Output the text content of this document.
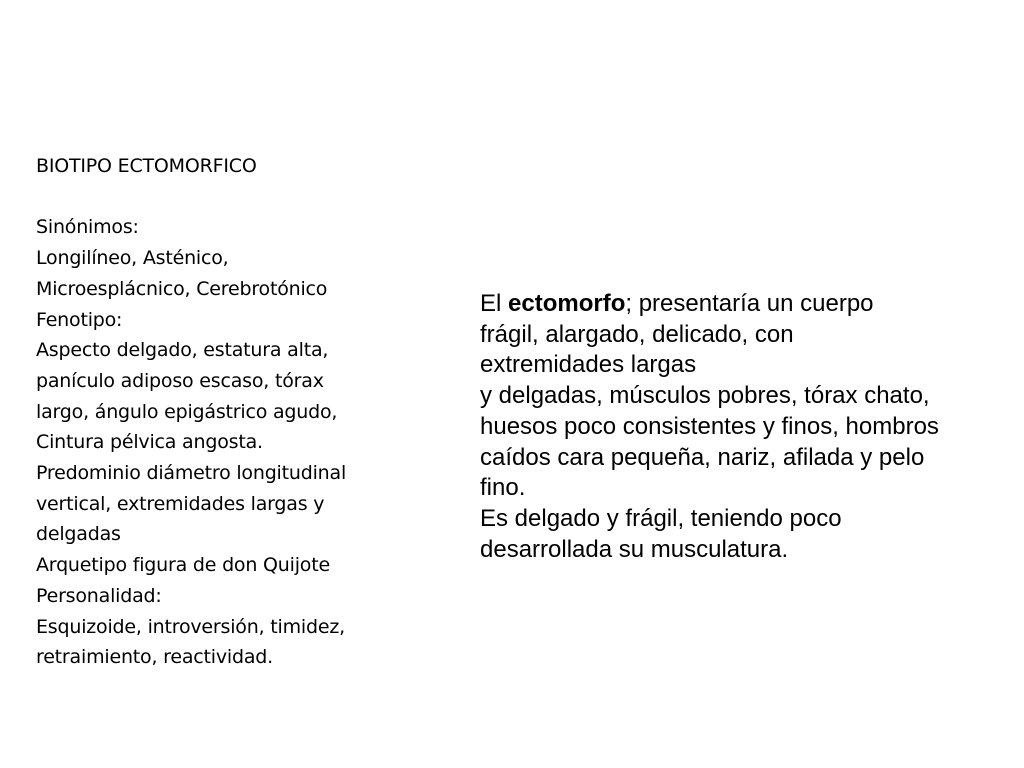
BIOTIPO ECTOMORFICO
Sinónimos:
Longilíneo, Asténico,
Microesplácnico, Cerebrotónico
Fenotipo:
Aspecto delgado, estatura alta,
panículo adiposo escaso, tórax
largo, ángulo epigástrico agudo,
Cintura pélvica angosta.
Predominio diámetro longitudinal
vertical, extremidades largas y
delgadas
Arquetipo figura de don Quijote
Personalidad:
Esquizoide, introversión, timidez,
retraimiento, reactividad.
El ectomorfo; presentaría un cuerpo
frágil, alargado, delicado, con
extremidades largas
y delgadas, músculos pobres, tórax chato,
huesos poco consistentes y finos, hombros
caídos cara pequeña, nariz, afilada y pelo
fino.
Es delgado y frágil, teniendo poco
desarrollada su musculatura.
